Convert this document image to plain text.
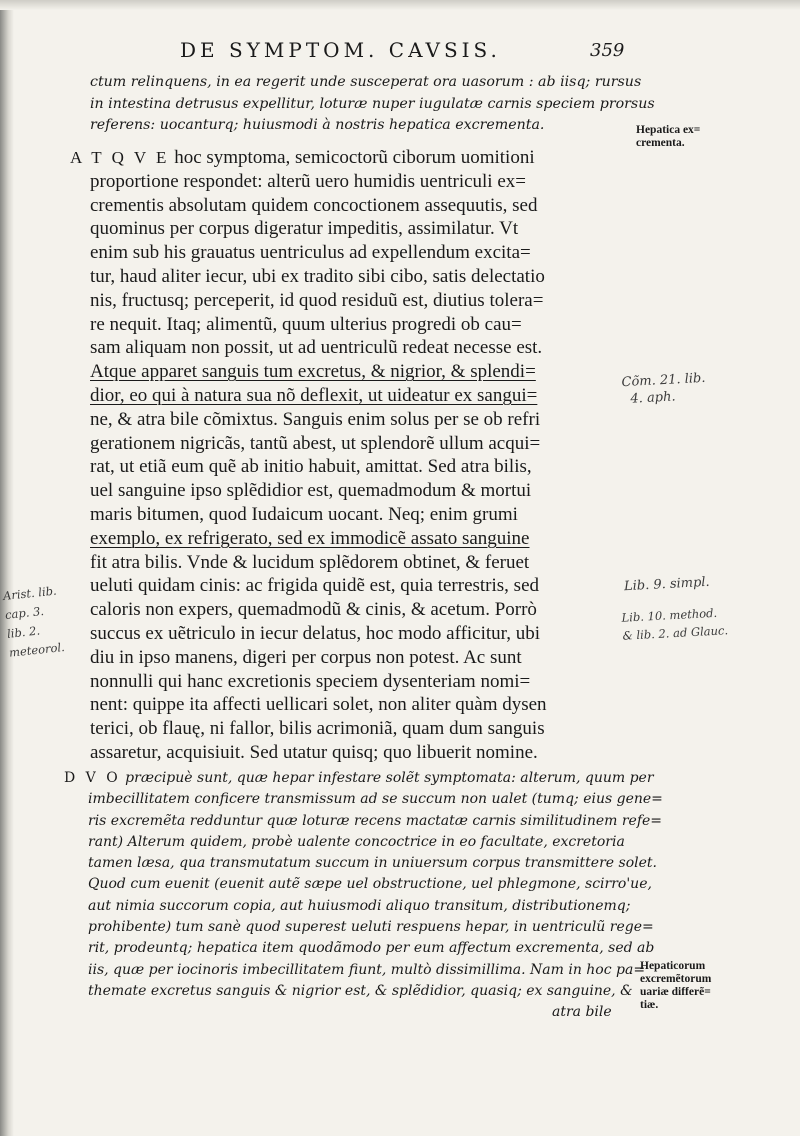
DE SYMPTOM. CAVSIS.	359
ctum relinquens, in ea regerit unde susceperat ora uasorum : ab iisq; rursus
in intestina detrusus expellitur, loturæ nuper iugulatæ carnis speciem prorsus
referens: uocanturq; huiusmodi à nostris hepatica excrementa.	Hepatica ex=
crementa.
A T Q V E hoc symptoma, semicoctorũ ciborum uomitioni
proportione respondet: alterũ uero humidis uentriculi ex=
crementis absolutam quidem concoctionem assequutis, sed
quominus per corpus digeratur impeditis, assimilatur. Vt
enim sub his grauatus uentriculus ad expellendum excita=
tur, haud aliter iecur, ubi ex tradito sibi cibo, satis delectatio
nis, fructusq; perceperit, id quod residuũ est, diutius tolera=
re nequit. Itaq; alimentũ, quum ulterius progredi ob cau=
sam aliquam non possit, ut ad uentriculũ redeat necesse est.
Atque apparet sanguis tum excretus, & nigrior, & splendi=
dior, eo qui à natura sua nõ deflexit, ut uideatur ex sangui=
ne, & atra bile cõmixtus. Sanguis enim solus per se ob refri
gerationem nigricãs, tantũ abest, ut splendorẽ ullum acqui=
rat, ut etiã eum quẽ ab initio habuit, amittat. Sed atra bilis,
uel sanguine ipso splẽdidior est, quemadmodum & mortui
maris bitumen, quod Iudaicum uocant. Neq; enim grumi
exemplo, ex refrigerato, sed ex immodicẽ assato sanguine
fit atra bilis. Vnde & lucidum splẽdorem obtinet, & feruet
ueluti quidam cinis: ac frigida quidẽ est, quia terrestris, sed
caloris non expers, quemadmodũ & cinis, & acetum. Porrò
succus ex uẽtriculo in iecur delatus, hoc modo afficitur, ubi
diu in ipso manens, digeri per corpus non potest. Ac sunt
nonnulli qui hanc excretionis speciem dysenteriam nomi=
nent: quippe ita affecti uellicari solet, non aliter quàm dysen
terici, ob flauę, ni fallor, bilis acrimoniã, quam dum sanguis
assaretur, acquisiuit. Sed utatur quisq; quo libuerit nomine.
D V O præcipuè sunt, quæ hepar infestare solẽt symptomata: alterum, quum per
imbecillitatem conficere transmissum ad se succum non ualet (tumq; eius gene=
ris excremẽta redduntur quæ loturæ recens mactatæ carnis similitudinem refe=
rant) Alterum quidem, probè ualente concoctrice in eo facultate, excretoria
tamen læsa, qua transmutatum succum in uniuersum corpus transmittere solet.
Quod cum euenit (euenit autẽ sæpe uel obstructione, uel phlegmone, scirro'ue,
aut nimia succorum copia, aut huiusmodi aliquo transitum, distributionemq;
prohibente) tum sanè quod superest ueluti respuens hepar, in uentriculũ rege=
rit, prodeuntq; hepatica item quodãmodo per eum affectum excrementa, sed ab
iis, quæ per iocinoris imbecillitatem fiunt, multò dissimillima. Nam in hoc pa=
themate excretus sanguis & nigrior est, & splẽdidior, quasiq; ex sanguine, &
atra bile
Hepaticorum
excremẽtorum
uariæ differẽ=
tiæ.
Cõm. 21. lib.
4. aph.
Lib. 9. simpl.
Lib. 10. method.
& lib. 2. ad Glauc.
Arist. lib.
cap. 3.
lib. 2.
meteorol.
